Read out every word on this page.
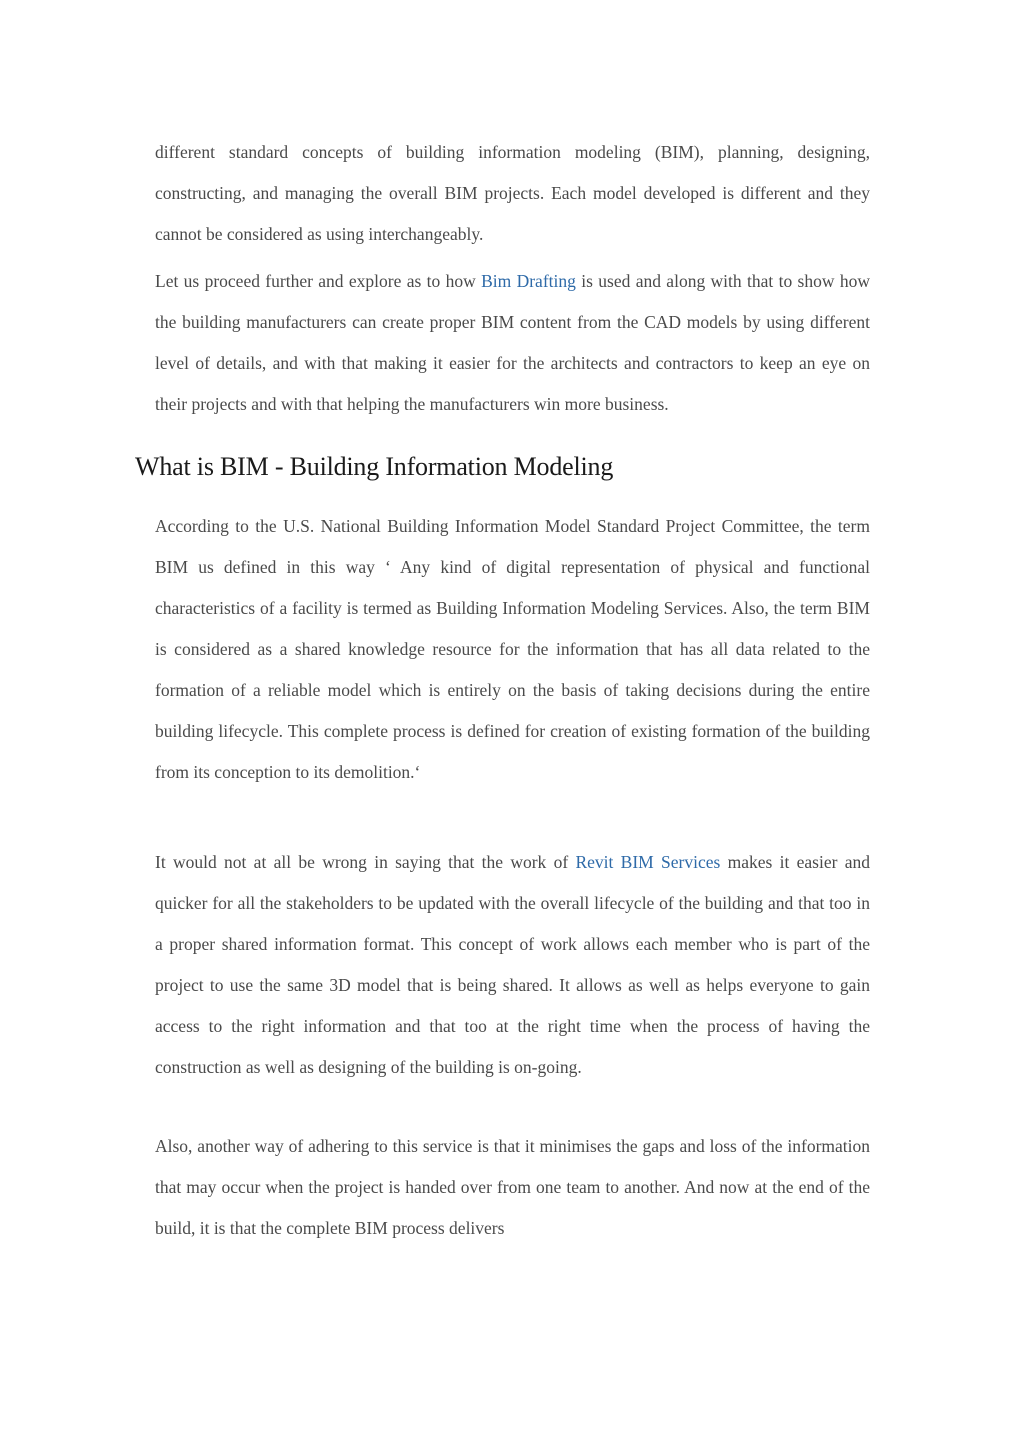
different standard concepts of building information modeling (BIM), planning, designing, constructing, and managing the overall BIM projects. Each model developed is different and they cannot be considered as using interchangeably.

Let us proceed further and explore as to how Bim Drafting is used and along with that to show how the building manufacturers can create proper BIM content from the CAD models by using different level of details, and with that making it easier for the architects and contractors to keep an eye on their projects and with that helping the manufacturers win more business.

What is BIM - Building Information Modeling

According to the U.S. National Building Information Model Standard Project Committee, the term BIM us defined in this way ‘ Any kind of digital representation of physical and functional characteristics of a facility is termed as Building Information Modeling Services. Also, the term BIM is considered as a shared knowledge resource for the information that has all data related to the formation of a reliable model which is entirely on the basis of taking decisions during the entire building lifecycle. This complete process is defined for creation of existing formation of the building from its conception to its demolition.‘

It would not at all be wrong in saying that the work of Revit BIM Services makes it easier and quicker for all the stakeholders to be updated with the overall lifecycle of the building and that too in a proper shared information format. This concept of work allows each member who is part of the project to use the same 3D model that is being shared. It allows as well as helps everyone to gain access to the right information and that too at the right time when the process of having the construction as well as designing of the building is on-going.

Also, another way of adhering to this service is that it minimises the gaps and loss of the information that may occur when the project is handed over from one team to another. And now at the end of the build, it is that the complete BIM process delivers
